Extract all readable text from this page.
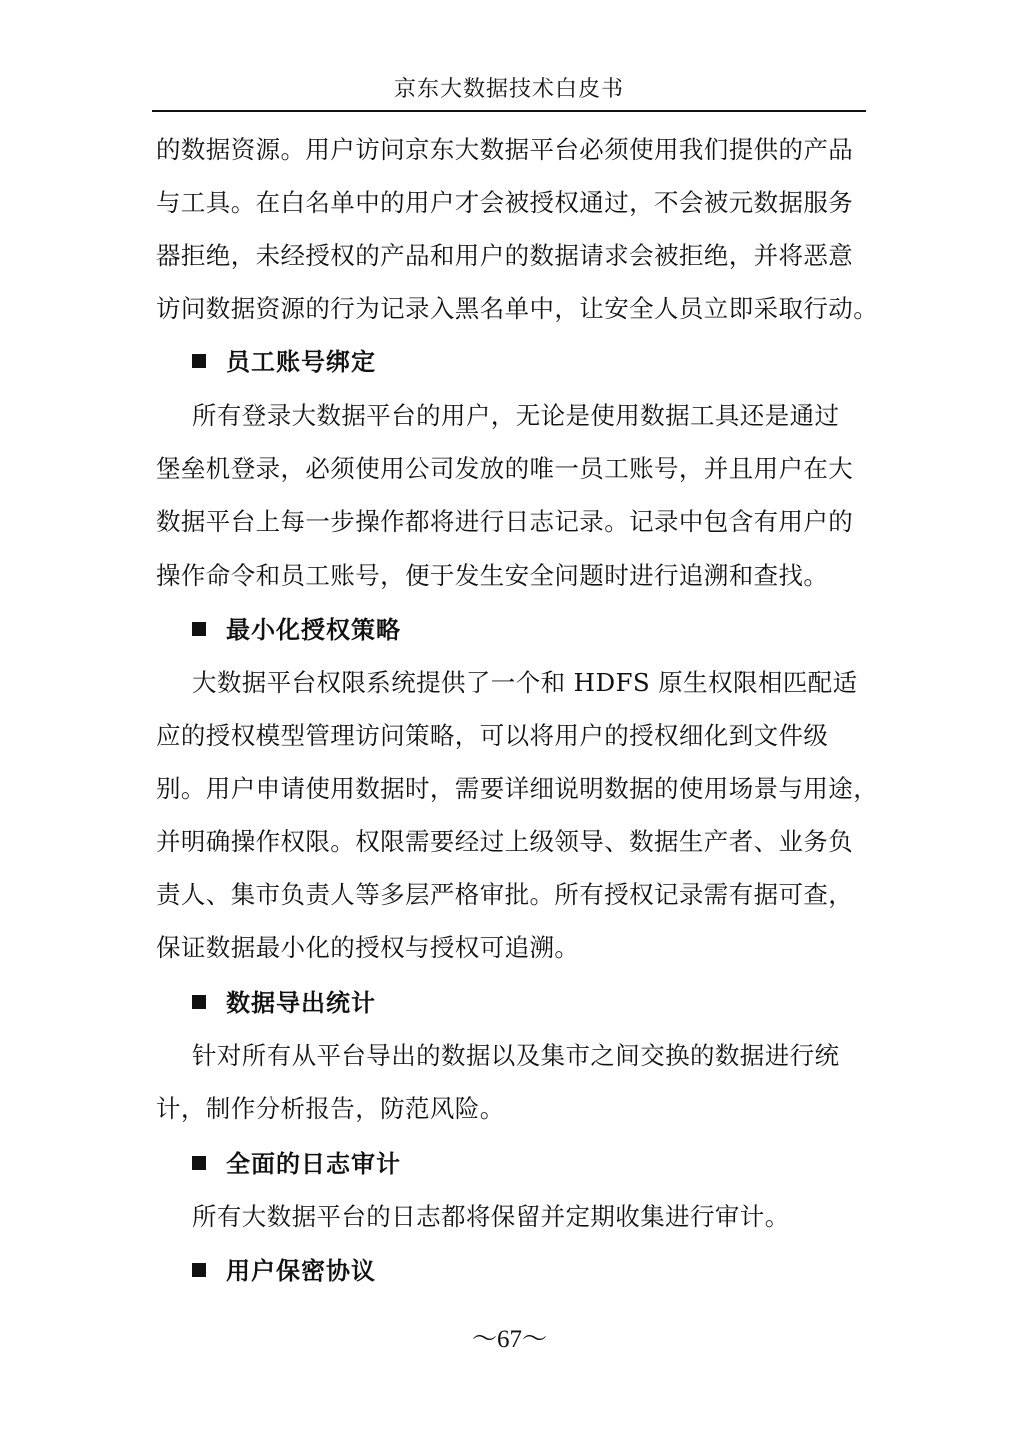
京东大数据技术白皮书
的数据资源。用户访问京东大数据平台必须使用我们提供的产品
与工具。在白名单中的用户才会被授权通过，不会被元数据服务
器拒绝，未经授权的产品和用户的数据请求会被拒绝，并将恶意
访问数据资源的行为记录入黑名单中，让安全人员立即采取行动。
员工账号绑定
所有登录大数据平台的用户，无论是使用数据工具还是通过
堡垒机登录，必须使用公司发放的唯一员工账号，并且用户在大
数据平台上每一步操作都将进行日志记录。记录中包含有用户的
操作命令和员工账号，便于发生安全问题时进行追溯和查找。
最小化授权策略
大数据平台权限系统提供了一个和 HDFS 原生权限相匹配适
应的授权模型管理访问策略，可以将用户的授权细化到文件级
别。用户申请使用数据时，需要详细说明数据的使用场景与用途，
并明确操作权限。权限需要经过上级领导、数据生产者、业务负
责人、集市负责人等多层严格审批。所有授权记录需有据可查，
保证数据最小化的授权与授权可追溯。
数据导出统计
针对所有从平台导出的数据以及集市之间交换的数据进行统
计，制作分析报告，防范风险。
全面的日志审计
所有大数据平台的日志都将保留并定期收集进行审计。
用户保密协议
～67～
